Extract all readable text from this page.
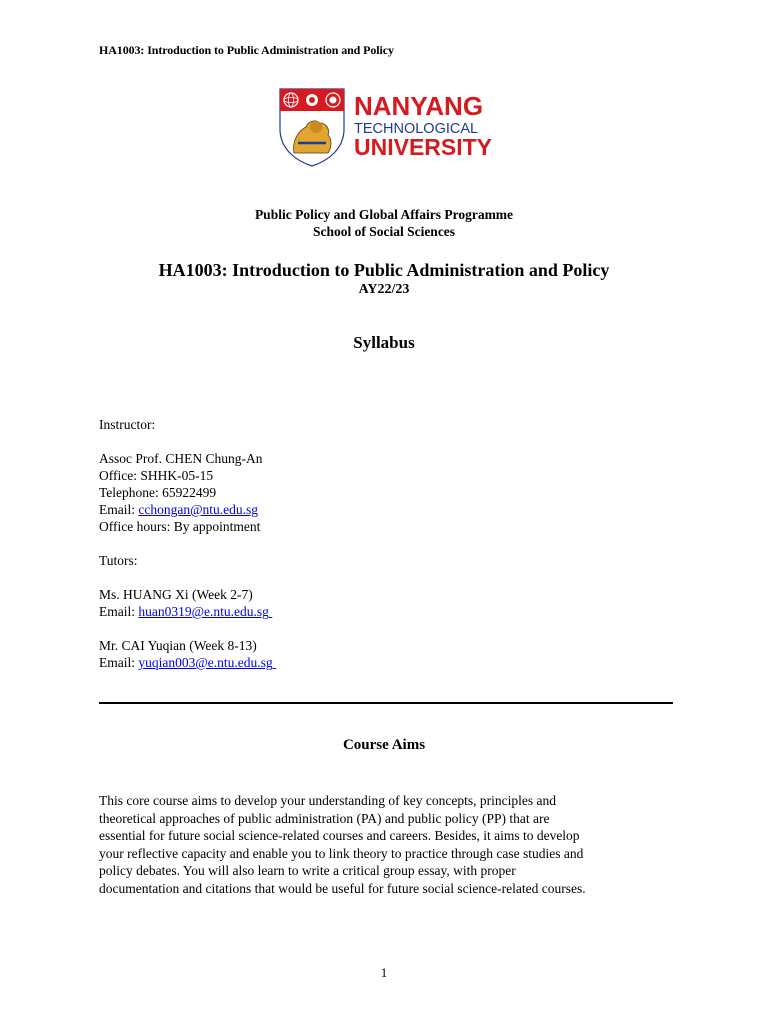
HA1003: Introduction to Public Administration and Policy
NANYANG
TECHNOLOGICAL
UNIVERSITY
Public Policy and Global Affairs Programme
School of Social Sciences
HA1003: Introduction to Public Administration and Policy
AY22/23
Syllabus
Instructor:
Assoc Prof. CHEN Chung-An
Office: SHHK-05-15
Telephone: 65922499
Email: cchongan@ntu.edu.sg
Office hours: By appointment
Tutors:
Ms. HUANG Xi (Week 2-7)
Email: huan0319@e.ntu.edu.sg
Mr. CAI Yuqian (Week 8-13)
Email: yuqian003@e.ntu.edu.sg
Course Aims
This core course aims to develop your understanding of key concepts, principles and
theoretical approaches of public administration (PA) and public policy (PP) that are
essential for future social science-related courses and careers. Besides, it aims to develop
your reflective capacity and enable you to link theory to practice through case studies and
policy debates. You will also learn to write a critical group essay, with proper
documentation and citations that would be useful for future social science-related courses.
1
